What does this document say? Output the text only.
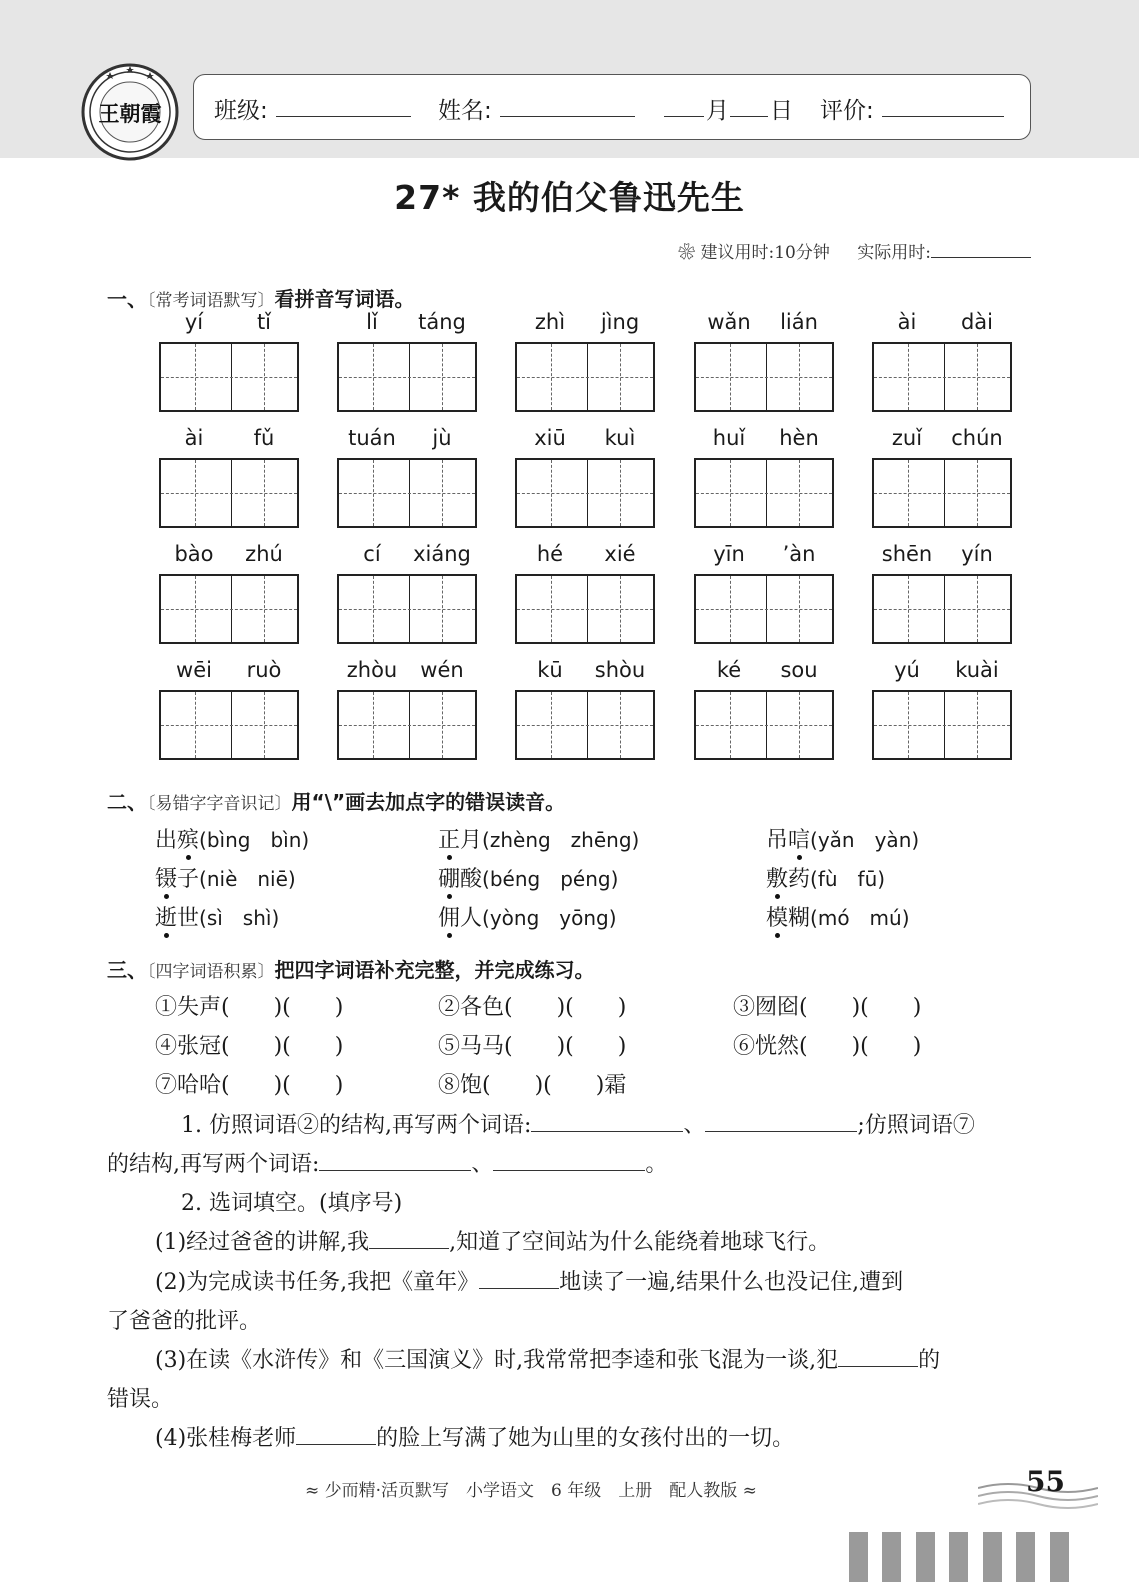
王朝霞 班级:	姓名:	月 日 评价:
27* 我的伯父鲁迅先生
❀ 建议用时:10分钟 实际用时:
一、〔常考词语默写〕看拼音写词语。
yí	tǐ	lǐ	táng	zhì	jìng	wǎn	lián	ài	dài
ài	fǔ	tuán	jù	xiū	kuì	huǐ	hèn	zuǐ	chún
bào	zhú	cí	xiáng	hé	xié	yīn	’àn	shēn	yín
wēi	ruò	zhòu	wén	kū	shòu	ké	sou	yú	kuài
二、〔易错字字音识记〕用“\”画去加点字的错误读音。
出殡(bìng　bìn)	正月(zhèng　zhēng)	吊唁(yǎn　yàn)
镊子(niè　niē)	硼酸(béng　péng)	敷药(fù　fū)
逝世(sì　shì)	佣人(yòng　yōng)	模糊(mó　mú)
三、〔四字词语积累〕把四字词语补充完整，并完成练习。
①失声(　　)(　　)	②各色(　　)(　　)	③囫囵(　　)(　　)
④张冠(　　)(　　)	⑤马马(　　)(　　)	⑥恍然(　　)(　　)
⑦哈哈(　　)(　　)	⑧饱(　　)(　　)霜
1. 仿照词语②的结构,再写两个词语:	、	;仿照词语⑦
的结构,再写两个词语:	、	。
2. 选词填空。(填序号)
(1)经过爸爸的讲解,我	,知道了空间站为什么能绕着地球飞行。
(2)为完成读书任务,我把《童年》	地读了一遍,结果什么也没记住,遭到
了爸爸的批评。
(3)在读《水浒传》和《三国演义》时,我常常把李逵和张飞混为一谈,犯	的
错误。
(4)张桂梅老师	的脸上写满了她为山里的女孩付出的一切。
≈ 少而精·活页默写　小学语文　6 年级　上册　配人教版 ≈	55
